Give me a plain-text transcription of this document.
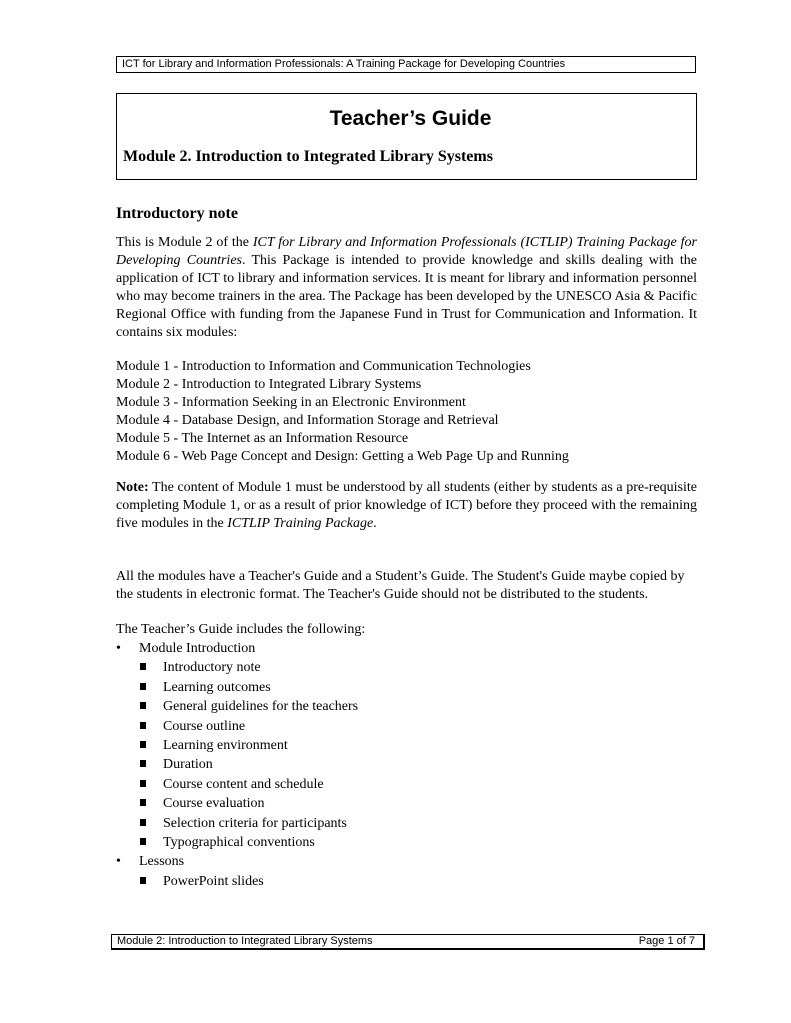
ICT for Library and Information Professionals: A Training Package for Developing Countries
Teacher’s Guide
Module 2. Introduction to Integrated Library Systems
Introductory note

This is Module 2 of the ICT for Library and Information Professionals (ICTLIP) Training Package for Developing Countries. This Package is intended to provide knowledge and skills dealing with the application of ICT to library and information services. It is meant for library and information personnel who may become trainers in the area. The Package has been developed by the UNESCO Asia & Pacific Regional Office with funding from the Japanese Fund in Trust for Communication and Information. It contains six modules:

Module 1 - Introduction to Information and Communication Technologies
Module 2 - Introduction to Integrated Library Systems
Module 3 - Information Seeking in an Electronic Environment
Module 4 - Database Design, and Information Storage and Retrieval
Module 5 - The Internet as an Information Resource
Module 6 - Web Page Concept and Design: Getting a Web Page Up and Running

Note: The content of Module 1 must be understood by all students (either by students as a pre-requisite completing Module 1, or as a result of prior knowledge of ICT) before they proceed with the remaining five modules in the ICTLIP Training Package.

All the modules have a Teacher's Guide and a Student’s Guide. The Student's Guide maybe copied by the students in electronic format. The Teacher's Guide should not be distributed to the students.

The Teacher’s Guide includes the following:

• Module Introduction
Introductory note
Learning outcomes
General guidelines for the teachers
Course outline
Learning environment
Duration
Course content and schedule
Course evaluation
Selection criteria for participants
Typographical conventions
• Lessons
PowerPoint slides
Module 2: Introduction to Integrated Library Systems	Page 1 of 7
